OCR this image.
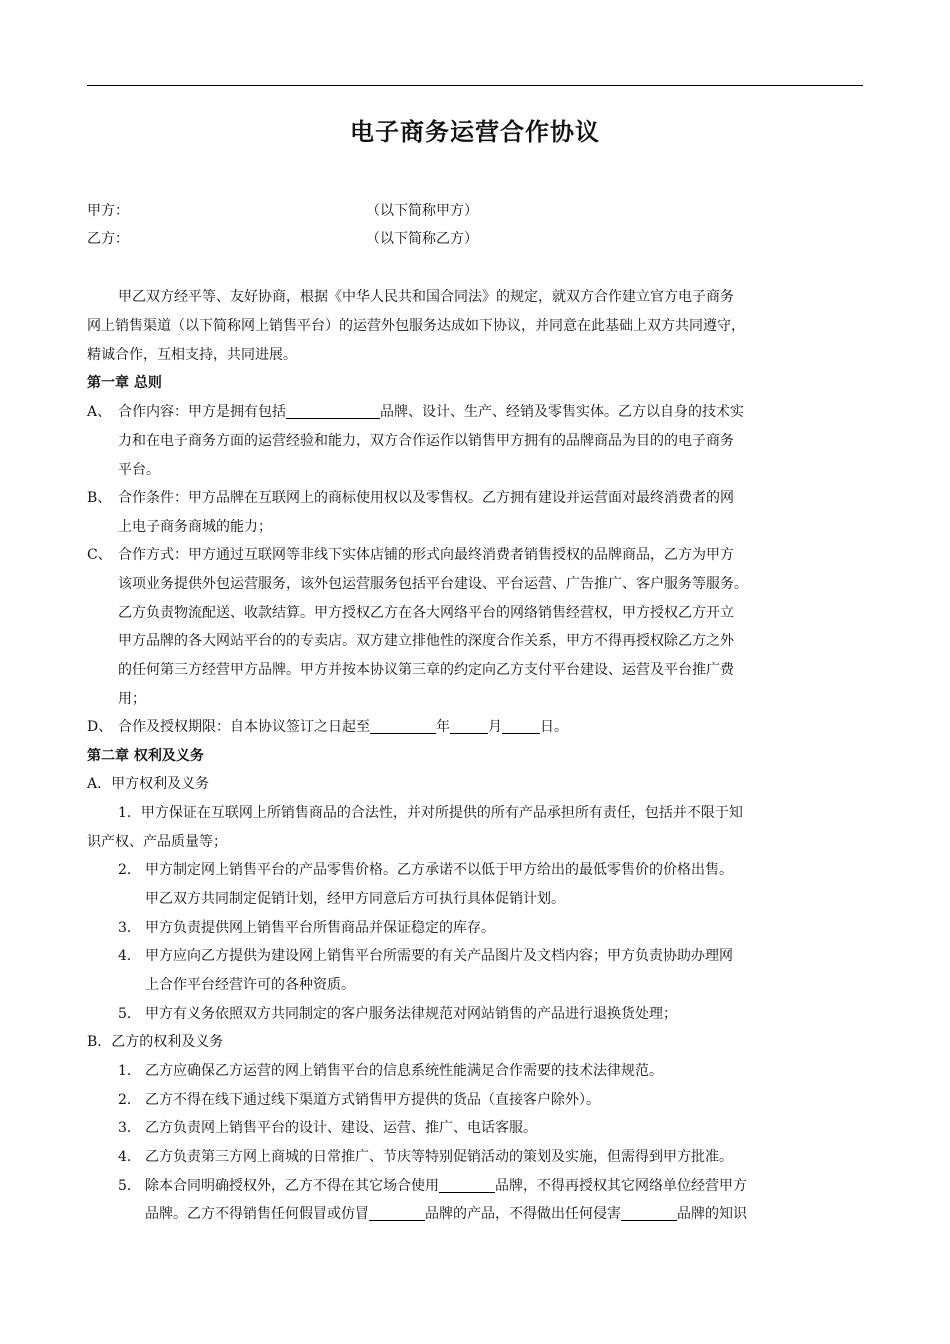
电子商务运营合作协议
甲方：	（以下简称甲方）
乙方：	（以下简称乙方）
甲乙双方经平等、友好协商，根据《中华人民共和国合同法》的规定，就双方合作建立官方电子商务
网上销售渠道（以下简称网上销售平台）的运营外包服务达成如下协议，并同意在此基础上双方共同遵守，
精诚合作，互相支持，共同进展。
第一章 总则
A、 合作内容：甲方是拥有包括	品牌、设计、生产、经销及零售实体。乙方以自身的技术实
力和在电子商务方面的运营经验和能力，双方合作运作以销售甲方拥有的品牌商品为目的的电子商务
平台。
B、 合作条件：甲方品牌在互联网上的商标使用权以及零售权。乙方拥有建设并运营面对最终消费者的网
上电子商务商城的能力；
C、 合作方式：甲方通过互联网等非线下实体店铺的形式向最终消费者销售授权的品牌商品，乙方为甲方
该项业务提供外包运营服务，该外包运营服务包括平台建设、平台运营、广告推广、客户服务等服务。
乙方负责物流配送、收款结算。甲方授权乙方在各大网络平台的网络销售经营权，甲方授权乙方开立
甲方品牌的各大网站平台的的专卖店。双方建立排他性的深度合作关系，甲方不得再授权除乙方之外
的任何第三方经营甲方品牌。甲方并按本协议第三章的约定向乙方支付平台建设、运营及平台推广费
用；
D、 合作及授权期限：自本协议签订之日起至	年	月	日。
第二章 权利及义务
A．甲方权利及义务
1．甲方保证在互联网上所销售商品的合法性，并对所提供的所有产品承担所有责任，包括并不限于知
识产权、产品质量等；
2． 甲方制定网上销售平台的产品零售价格。乙方承诺不以低于甲方给出的最低零售价的价格出售。
甲乙双方共同制定促销计划，经甲方同意后方可执行具体促销计划。
3． 甲方负责提供网上销售平台所售商品并保证稳定的库存。
4． 甲方应向乙方提供为建设网上销售平台所需要的有关产品图片及文档内容；甲方负责协助办理网
上合作平台经营许可的各种资质。
5． 甲方有义务依照双方共同制定的客户服务法律规范对网站销售的产品进行退换货处理；
B．乙方的权利及义务
1． 乙方应确保乙方运营的网上销售平台的信息系统性能满足合作需要的技术法律规范。
2． 乙方不得在线下通过线下渠道方式销售甲方提供的货品（直接客户除外）。
3． 乙方负责网上销售平台的设计、建设、运营、推广、电话客服。
4． 乙方负责第三方网上商城的日常推广、节庆等特别促销活动的策划及实施，但需得到甲方批准。
5． 除本合同明确授权外，乙方不得在其它场合使用	品牌，不得再授权其它网络单位经营甲方
品牌。乙方不得销售任何假冒或仿冒	品牌的产品，不得做出任何侵害	品牌的知识
